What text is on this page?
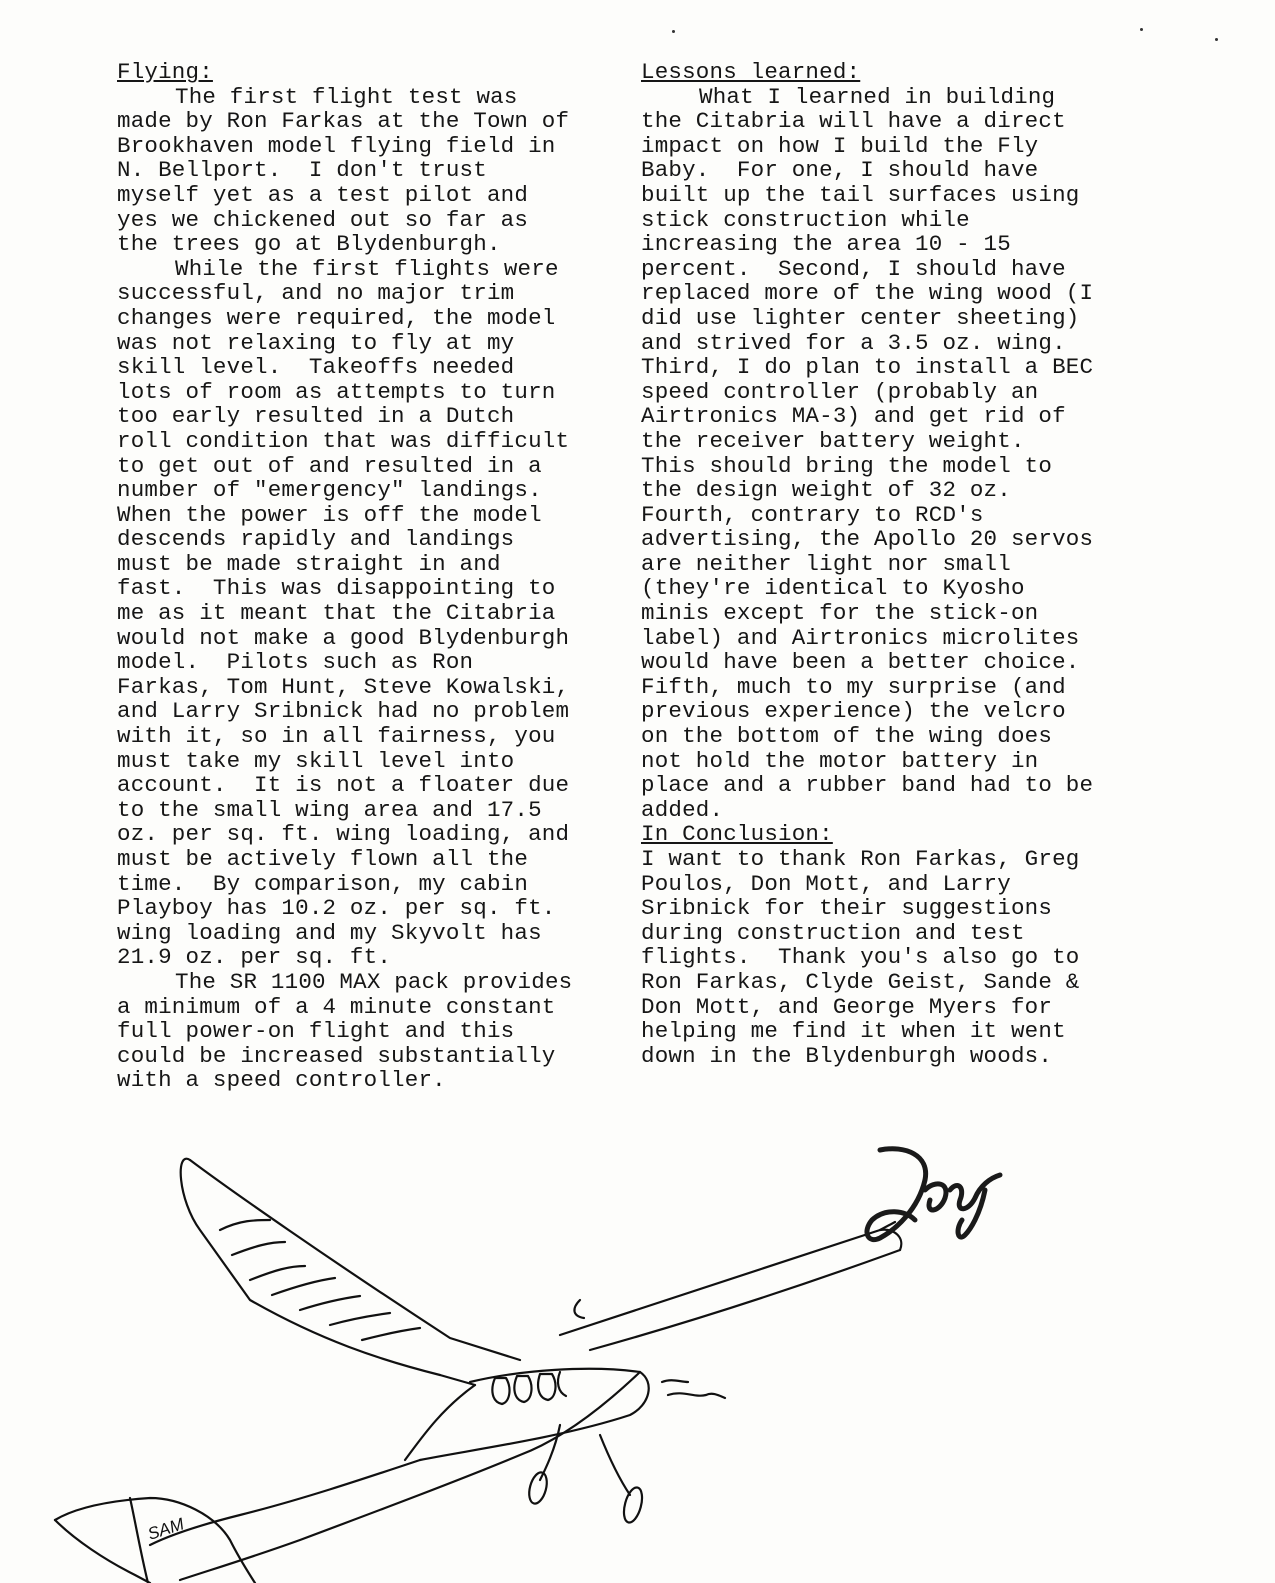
Flying:
The first flight test was
made by Ron Farkas at the Town of
Brookhaven model flying field in
N. Bellport.  I don't trust
myself yet as a test pilot and
yes we chickened out so far as
the trees go at Blydenburgh.
While the first flights were
successful, and no major trim
changes were required, the model
was not relaxing to fly at my
skill level.  Takeoffs needed
lots of room as attempts to turn
too early resulted in a Dutch
roll condition that was difficult
to get out of and resulted in a
number of "emergency" landings.
When the power is off the model
descends rapidly and landings
must be made straight in and
fast.  This was disappointing to
me as it meant that the Citabria
would not make a good Blydenburgh
model.  Pilots such as Ron
Farkas, Tom Hunt, Steve Kowalski,
and Larry Sribnick had no problem
with it, so in all fairness, you
must take my skill level into
account.  It is not a floater due
to the small wing area and 17.5
oz. per sq. ft. wing loading, and
must be actively flown all the
time.  By comparison, my cabin
Playboy has 10.2 oz. per sq. ft.
wing loading and my Skyvolt has
21.9 oz. per sq. ft.
The SR 1100 MAX pack provides
a minimum of a 4 minute constant
full power-on flight and this
could be increased substantially
with a speed controller.
Lessons learned:
What I learned in building
the Citabria will have a direct
impact on how I build the Fly
Baby.  For one, I should have
built up the tail surfaces using
stick construction while
increasing the area 10 - 15
percent.  Second, I should have
replaced more of the wing wood (I
did use lighter center sheeting)
and strived for a 3.5 oz. wing.
Third, I do plan to install a BEC
speed controller (probably an
Airtronics MA-3) and get rid of
the receiver battery weight.
This should bring the model to
the design weight of 32 oz.
Fourth, contrary to RCD's
advertising, the Apollo 20 servos
are neither light nor small
(they're identical to Kyosho
minis except for the stick-on
label) and Airtronics microlites
would have been a better choice.
Fifth, much to my surprise (and
previous experience) the velcro
on the bottom of the wing does
not hold the motor battery in
place and a rubber band had to be
added.
In Conclusion:
I want to thank Ron Farkas, Greg
Poulos, Don Mott, and Larry
Sribnick for their suggestions
during construction and test
flights.  Thank you's also go to
Ron Farkas, Clyde Geist, Sande &
Don Mott, and George Myers for
helping me find it when it went
down in the Blydenburgh woods.
SAM
